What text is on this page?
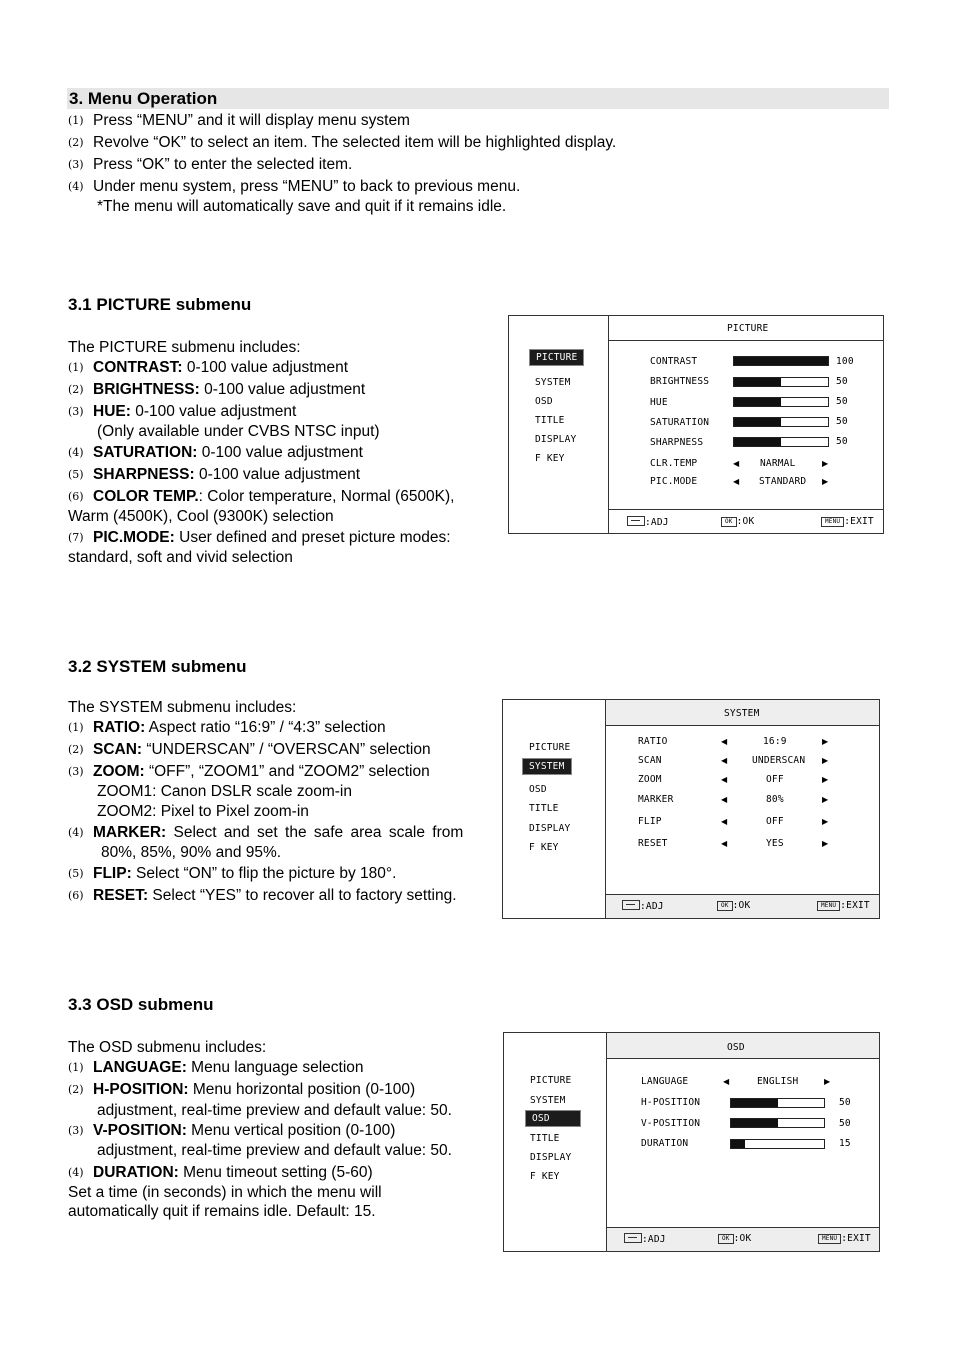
3. Menu Operation
(1) Press “MENU” and it will display menu system
(2) Revolve “OK” to select an item. The selected item will be highlighted display.
(3) Press “OK” to enter the selected item.
(4) Under menu system, press “MENU” to back to previous menu.
*The menu will automatically save and quit if it remains idle.
3.1 PICTURE submenu
The PICTURE submenu includes:
(1) CONTRAST: 0-100 value adjustment
(2) BRIGHTNESS: 0-100 value adjustment
(3) HUE: 0-100 value adjustment
(Only available under CVBS NTSC input)
(4) SATURATION: 0-100 value adjustment
(5) SHARPNESS: 0-100 value adjustment
(6) COLOR TEMP.: Color temperature, Normal (6500K),
Warm (4500K), Cool (9300K) selection
(7) PIC.MODE: User defined and preset picture modes:
standard, soft and vivid selection
PICTURE
PICTURE
SYSTEM
OSD
TITLE
DISPLAY
F KEY
CONTRAST	100
BRIGHTNESS	50
HUE	50
SATURATION	50
SHARPNESS	50
CLR.TEMP	◀ NARMAL	▶
PIC.MODE	◀ STANDARD ▶
:ADJ	OK :OK	MENU :EXIT
3.2 SYSTEM submenu
The SYSTEM submenu includes:
(1) RATIO: Aspect ratio “16:9” / “4:3” selection
(2) SCAN: “UNDERSCAN” / “OVERSCAN” selection
(3) ZOOM: “OFF”, “ZOOM1” and “ZOOM2” selection
ZOOM1: Canon DSLR scale zoom-in
ZOOM2: Pixel to Pixel zoom-in
(4) MARKER: Select and set the safe area scale from
80%, 85%, 90% and 95%.
(5) FLIP: Select “ON” to flip the picture by 180°.
(6) RESET: Select “YES” to recover all to factory setting.
SYSTEM
PICTURE
SYSTEM
OSD
TITLE
DISPLAY
F KEY
RATIO	◀	16:9	▶
SCAN	◀	UNDERSCAN ▶
ZOOM	◀	OFF	▶
MARKER	◀	80%	▶
FLIP	◀	OFF	▶
RESET	◀	YES	▶
:ADJ	OK :OK	MENU :EXIT
3.3 OSD submenu
The OSD submenu includes:
(1) LANGUAGE: Menu language selection
(2) H-POSITION: Menu horizontal position (0-100)
adjustment, real-time preview and default value: 50.
(3) V-POSITION: Menu vertical position (0-100)
adjustment, real-time preview and default value: 50.
(4) DURATION: Menu timeout setting (5-60)
Set a time (in seconds) in which the menu will
automatically quit if remains idle. Default: 15.
OSD
PICTURE
SYSTEM
OSD
TITLE
DISPLAY
F KEY
LANGUAGE	◀	ENGLISH	▶
H-POSITION	50
V-POSITION	50
DURATION	15
:ADJ	OK :OK	MENU :EXIT
